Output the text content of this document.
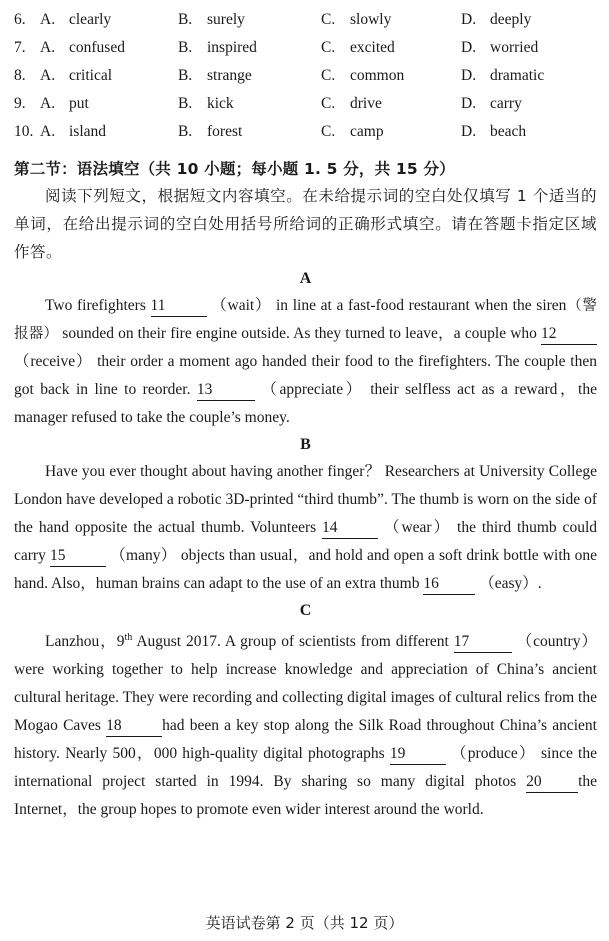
6. A. clearly	B. surely	C. slowly	D. deeply
7. A. confused	B. inspired	C. excited	D. worried
8. A. critical	B. strange	C. common	D. dramatic
9. A. put	B. kick	C. drive	D. carry
10. A. island	B. forest	C. camp	D. beach
第二节：语法填空（共 10 小题；每小题 1. 5 分，共 15 分）
阅读下列短文，根据短文内容填空。在未给提示词的空白处仅填写 1 个适当的单词，在给出提示词的空白处用括号所给词的正确形式填空。请在答题卡指定区域作答。
A

Two firefighters 11	（wait） in line at a fast-food restaurant when the siren（警报器） sounded on their fire engine outside. As they turned to leave，a couple who 12 （receive） their order a moment ago handed their food to the firefighters. The couple then got back in line to reorder. 13	（appreciate） their selfless act as a reward，the manager refused to take the couple’s money.

B

Have you ever thought about having another finger？ Researchers at University College London have developed a robotic 3D-printed “third thumb”. The thumb is worn on the side of the hand opposite the actual thumb. Volunteers 14	（wear） the third thumb could carry 15	（many） objects than usual，and hold and open a soft drink bottle with one hand. Also，human brains can adapt to the use of an extra thumb 16 （easy）.

C

Lanzhou，9th August 2017. A group of scientists from different 17	（country） were working together to help increase knowledge and appreciation of China’s ancient cultural heritage. They were recording and collecting digital images of cultural relics from the Mogao Caves 18	had been a key stop along the Silk Road throughout China’s ancient history. Nearly 500，000 high-quality digital photographs 19	（produce） since the international project started in 1994. By sharing so many digital photos 20 the Internet，the group hopes to promote even wider interest around the world.

英语试卷第 2 页（共 12 页）
